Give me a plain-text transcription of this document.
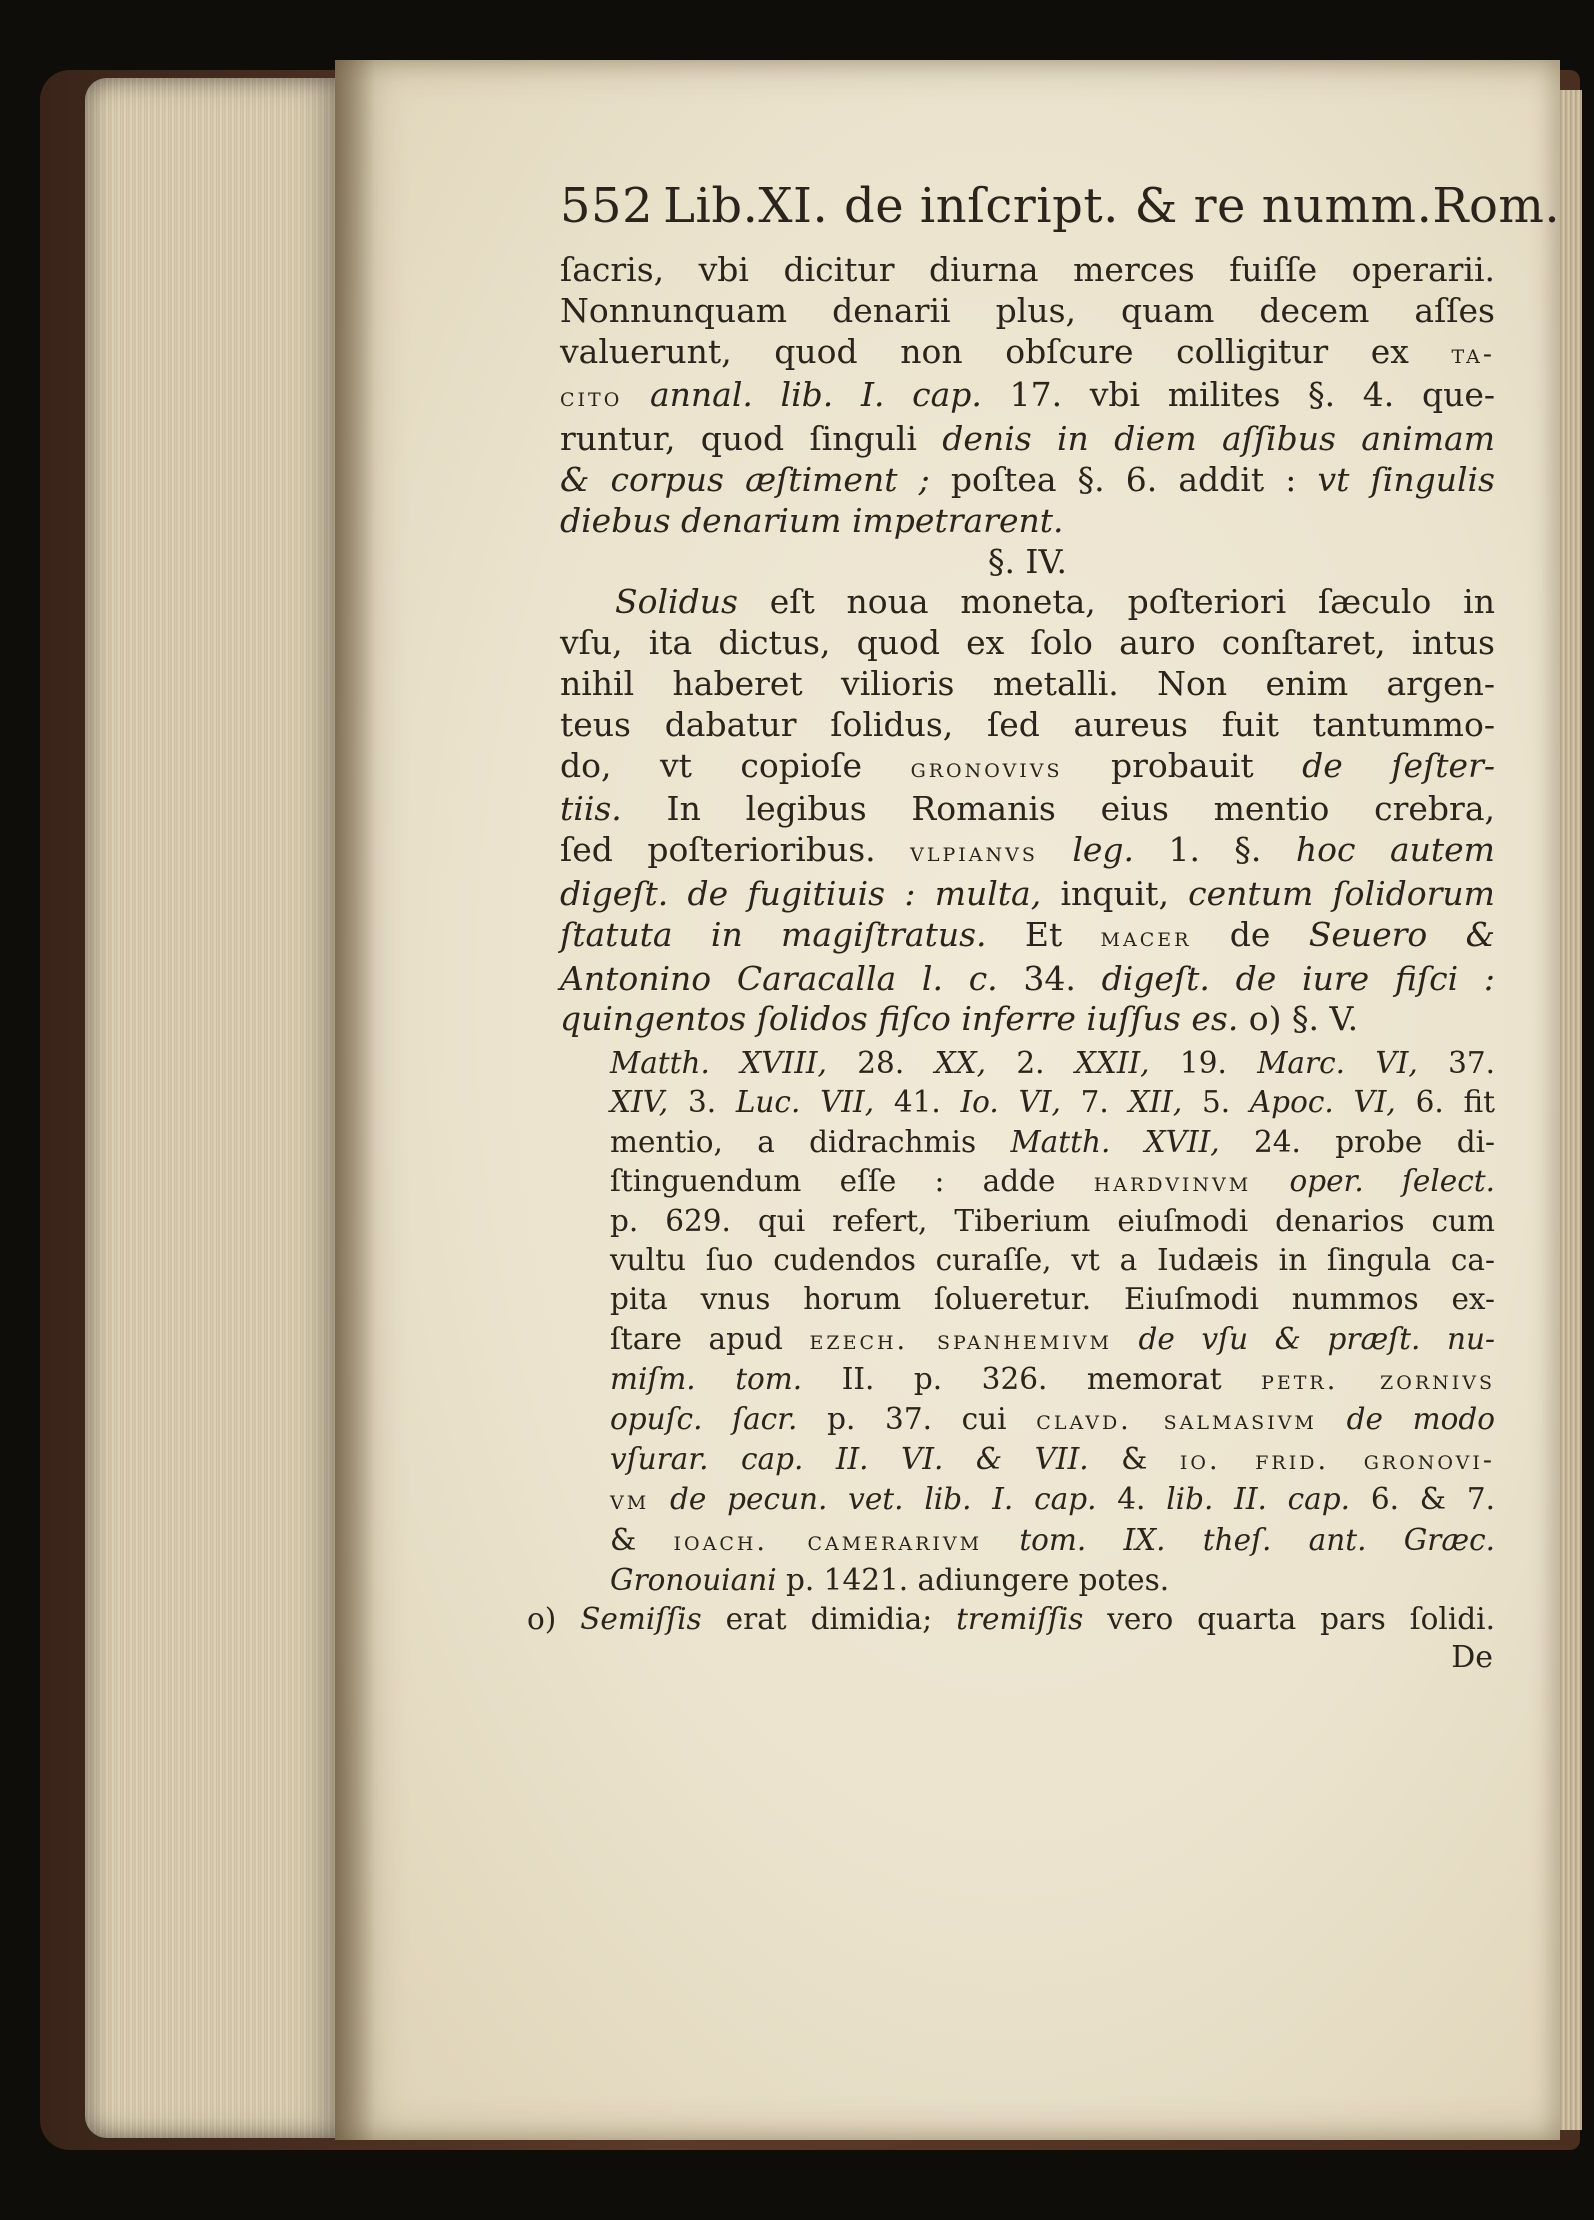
552 Lib.XI. de inſcript. & re numm.Rom.
ſacris, vbi dicitur diurna merces fuiſſe operarii.
Nonnunquam denarii plus, quam decem aſſes
valuerunt, quod non obſcure colligitur ex ta-
cito annal. lib. I. cap. 17. vbi milites §. 4. que-
runtur, quod ſinguli denis in diem aſſibus animam
& corpus æſtiment ; poſtea §. 6. addit : vt ſingulis
diebus denarium impetrarent.
§. IV.
Solidus eſt noua moneta, poſteriori ſæculo in
vſu, ita dictus, quod ex ſolo auro conſtaret, intus
nihil haberet vilioris metalli. Non enim argen-
teus dabatur ſolidus, ſed aureus fuit tantummo-
do, vt copioſe gronovivs probauit de ſeſter-
tiis. In legibus Romanis eius mentio crebra,
ſed poſterioribus. vlpianvs leg. 1. §. hoc autem
digeſt. de fugitiuis : multa, inquit, centum ſolidorum
ſtatuta in magiſtratus. Et macer de Seuero &
Antonino Caracalla l. c. 34. digeſt. de iure fiſci :
quingentos ſolidos fiſco inferre iuſſus es. o) §. V.
Matth. XVIII, 28. XX, 2. XXII, 19. Marc. VI, 37.
XIV, 3. Luc. VII, 41. Io. VI, 7. XII, 5. Apoc. VI, 6. fit
mentio, a didrachmis Matth. XVII, 24. probe di-
ſtinguendum eſſe : adde hardvinvm oper. ſelect.
p. 629. qui refert, Tiberium eiuſmodi denarios cum
vultu ſuo cudendos curaſſe, vt a Iudæis in ſingula ca-
pita vnus horum ſolueretur. Eiuſmodi nummos ex-
ſtare apud ezech. spanhemivm de vſu & præſt. nu-
miſm. tom. II. p. 326. memorat petr. zornivs
opuſc. ſacr. p. 37. cui clavd. salmasivm de modo
vſurar. cap. II. VI. & VII. & io. frid. gronovi-
vm de pecun. vet. lib. I. cap. 4. lib. II. cap. 6. & 7.
& ioach. camerarivm tom. IX. theſ. ant. Græc.
Gronouiani p. 1421. adiungere potes.
o) Semiſſis erat dimidia; tremiſſis vero quarta pars ſolidi.
De
